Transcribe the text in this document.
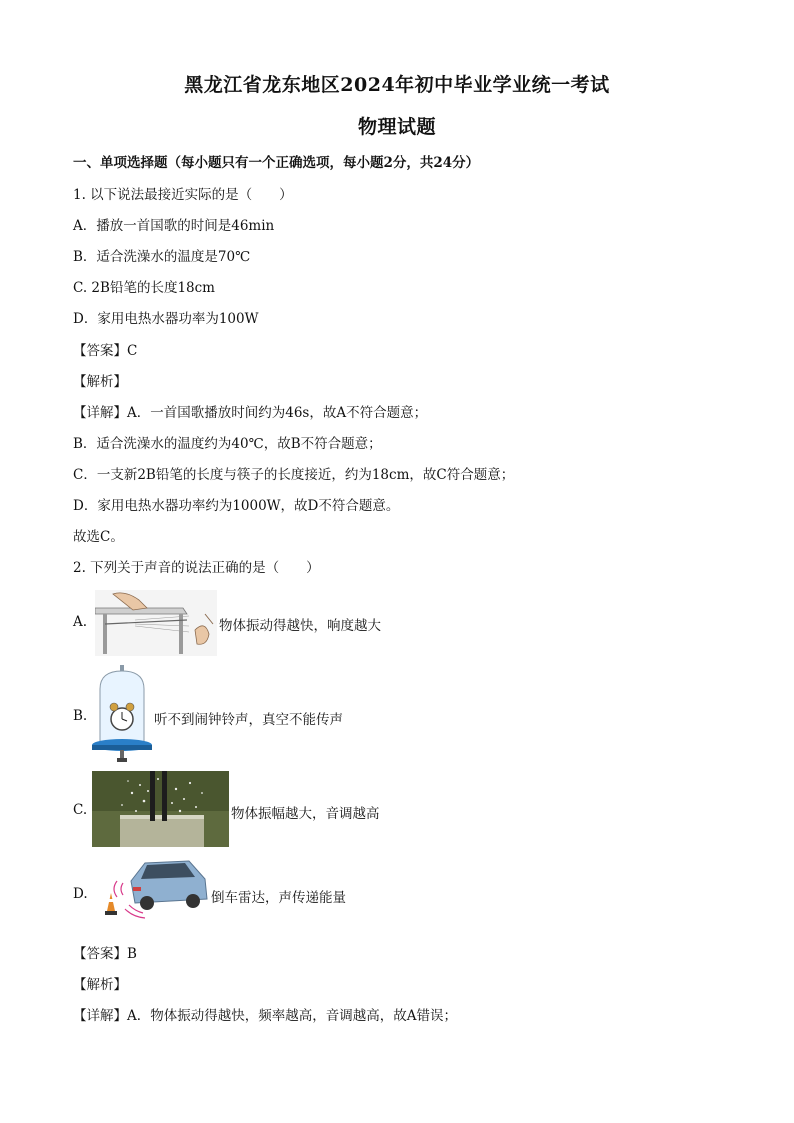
黑龙江省龙东地区2024年初中毕业学业统一考试
物理试题
一、单项选择题（每小题只有一个正确选项，每小题2分，共24分）
1. 以下说法最接近实际的是（　　）
A．播放一首国歌的时间是46min
B．适合洗澡水的温度是70℃
C. 2B铅笔的长度18cm
D．家用电热水器功率为100W
【答案】C
【解析】
【详解】A．一首国歌播放时间约为46s，故A不符合题意；
B．适合洗澡水的温度约为40℃，故B不符合题意；
C．一支新2B铅笔的长度与筷子的长度接近，约为18cm，故C符合题意；
D．家用电热水器功率约为1000W，故D不符合题意。
故选C。
2. 下列关于声音的说法正确的是（　　）
A.	物体振动得越快，响度越大
B.	听不到闹钟铃声，真空不能传声
C.	物体振幅越大，音调越高
D.	倒车雷达，声传递能量
【答案】B
【解析】
【详解】A．物体振动得越快，频率越高，音调越高，故A错误；
